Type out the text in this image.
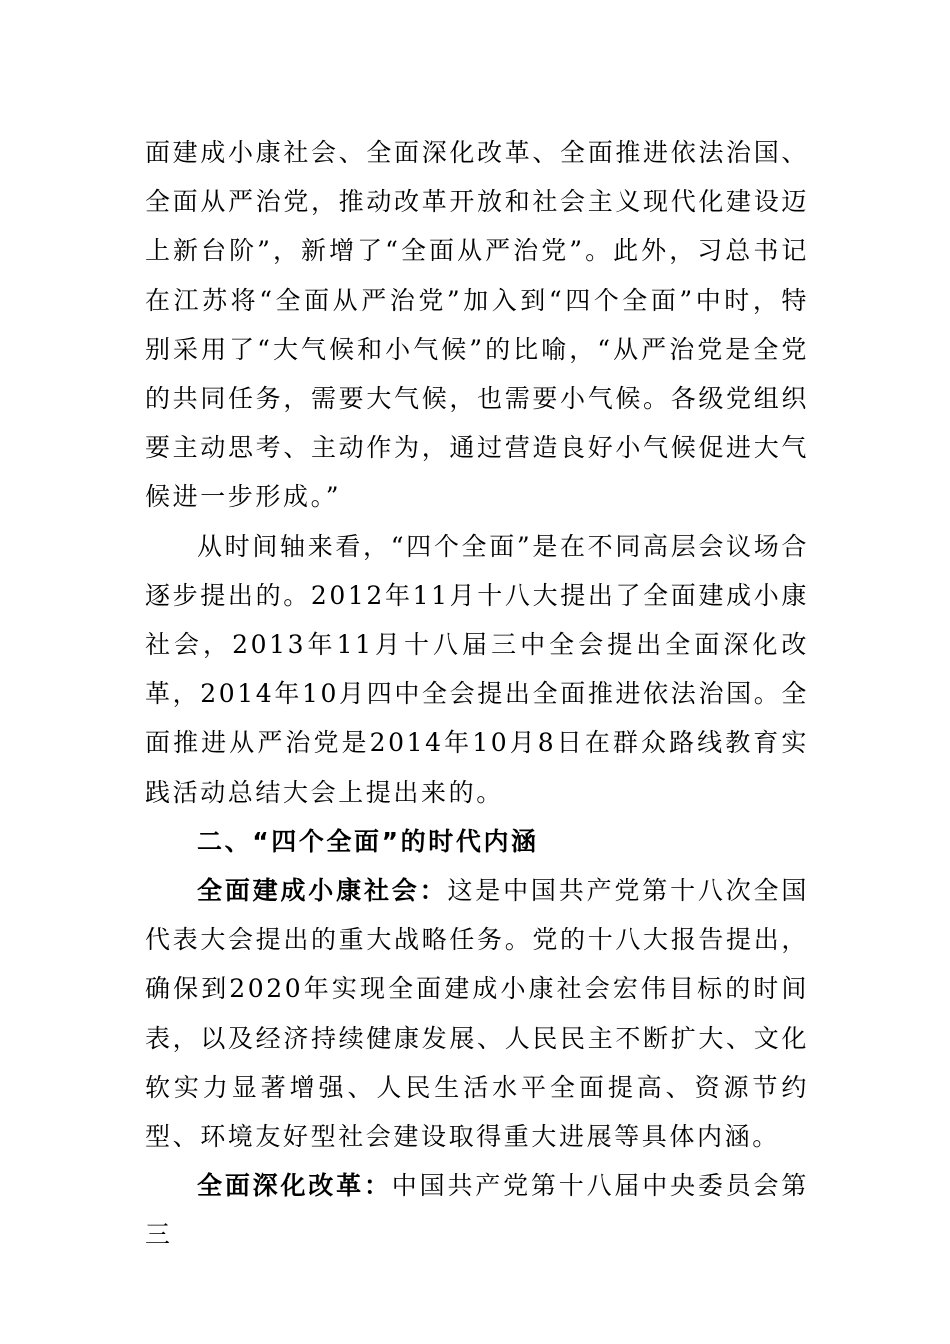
面建成小康社会、全面深化改革、全面推进依法治国、全面从严治党，推动改革开放和社会主义现代化建设迈上新台阶”，新增了“全面从严治党”。此外，习总书记在江苏将“全面从严治党”加入到“四个全面”中时，特别采用了“大气候和小气候”的比喻，“从严治党是全党的共同任务，需要大气候，也需要小气候。各级党组织要主动思考、主动作为，通过营造良好小气候促进大气候进一步形成。”

从时间轴来看，“四个全面”是在不同高层会议场合逐步提出的。2012年11月十八大提出了全面建成小康社会，2013年11月十八届三中全会提出全面深化改革，2014年10月四中全会提出全面推进依法治国。全面推进从严治党是2014年10月8日在群众路线教育实践活动总结大会上提出来的。

二、“四个全面”的时代内涵

全面建成小康社会：这是中国共产党第十八次全国代表大会提出的重大战略任务。党的十八大报告提出，确保到2020年实现全面建成小康社会宏伟目标的时间表，以及经济持续健康发展、人民民主不断扩大、文化软实力显著增强、人民生活水平全面提高、资源节约型、环境友好型社会建设取得重大进展等具体内涵。

全面深化改革：中国共产党第十八届中央委员会第三
